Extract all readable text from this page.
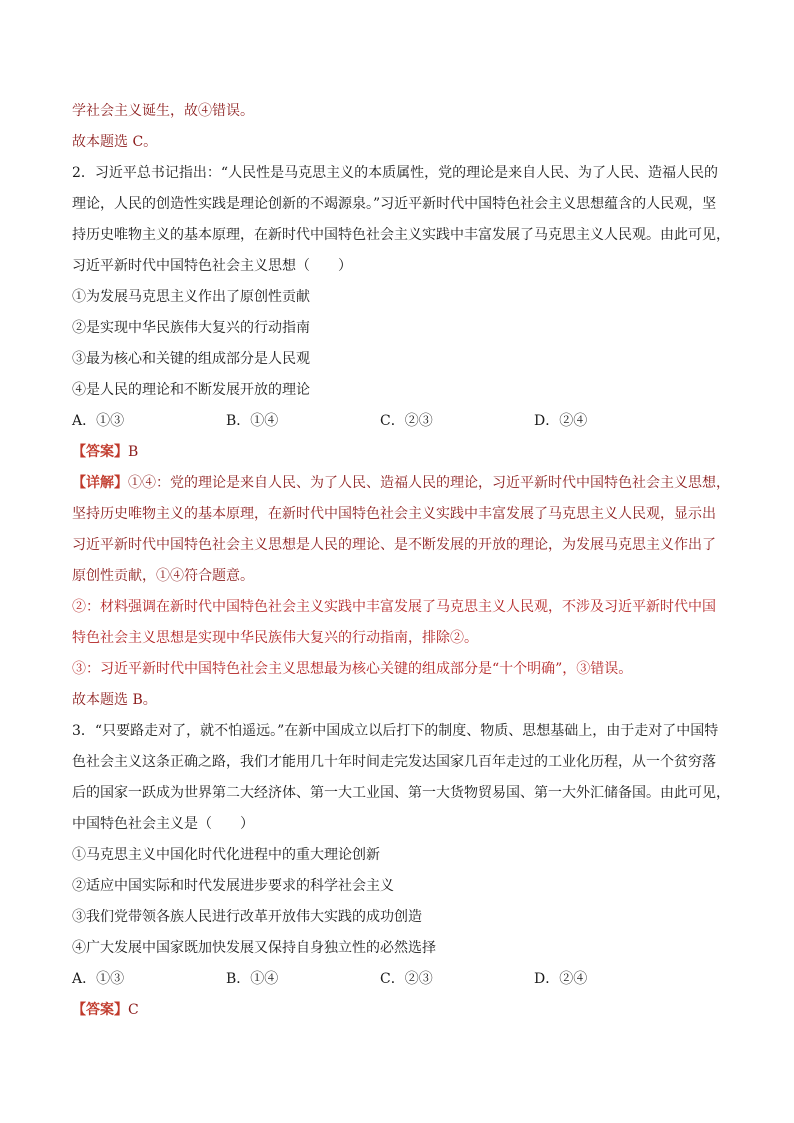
学社会主义诞生，故④错误。
故本题选 C。
2．习近平总书记指出：“人民性是马克思主义的本质属性，党的理论是来自人民、为了人民、造福人民的
理论，人民的创造性实践是理论创新的不竭源泉。”习近平新时代中国特色社会主义思想蕴含的人民观，坚
持历史唯物主义的基本原理，在新时代中国特色社会主义实践中丰富发展了马克思主义人民观。由此可见，
习近平新时代中国特色社会主义思想（　　）
①为发展马克思主义作出了原创性贡献
②是实现中华民族伟大复兴的行动指南
③最为核心和关键的组成部分是人民观
④是人民的理论和不断发展开放的理论
A．①③	B．①④	C．②③	D．②④
【答案】B
【详解】①④：党的理论是来自人民、为了人民、造福人民的理论，习近平新时代中国特色社会主义思想，
坚持历史唯物主义的基本原理，在新时代中国特色社会主义实践中丰富发展了马克思主义人民观，显示出
习近平新时代中国特色社会主义思想是人民的理论、是不断发展的开放的理论，为发展马克思主义作出了
原创性贡献，①④符合题意。
②：材料强调在新时代中国特色社会主义实践中丰富发展了马克思主义人民观，不涉及习近平新时代中国
特色社会主义思想是实现中华民族伟大复兴的行动指南，排除②。
③：习近平新时代中国特色社会主义思想最为核心关键的组成部分是“十个明确”，③错误。
故本题选 B。
3．“只要路走对了，就不怕遥远。”在新中国成立以后打下的制度、物质、思想基础上，由于走对了中国特
色社会主义这条正确之路，我们才能用几十年时间走完发达国家几百年走过的工业化历程，从一个贫穷落
后的国家一跃成为世界第二大经济体、第一大工业国、第一大货物贸易国、第一大外汇储备国。由此可见，
中国特色社会主义是（　　）
①马克思主义中国化时代化进程中的重大理论创新
②适应中国实际和时代发展进步要求的科学社会主义
③我们党带领各族人民进行改革开放伟大实践的成功创造
④广大发展中国家既加快发展又保持自身独立性的必然选择
A．①③	B．①④	C．②③	D．②④
【答案】C
